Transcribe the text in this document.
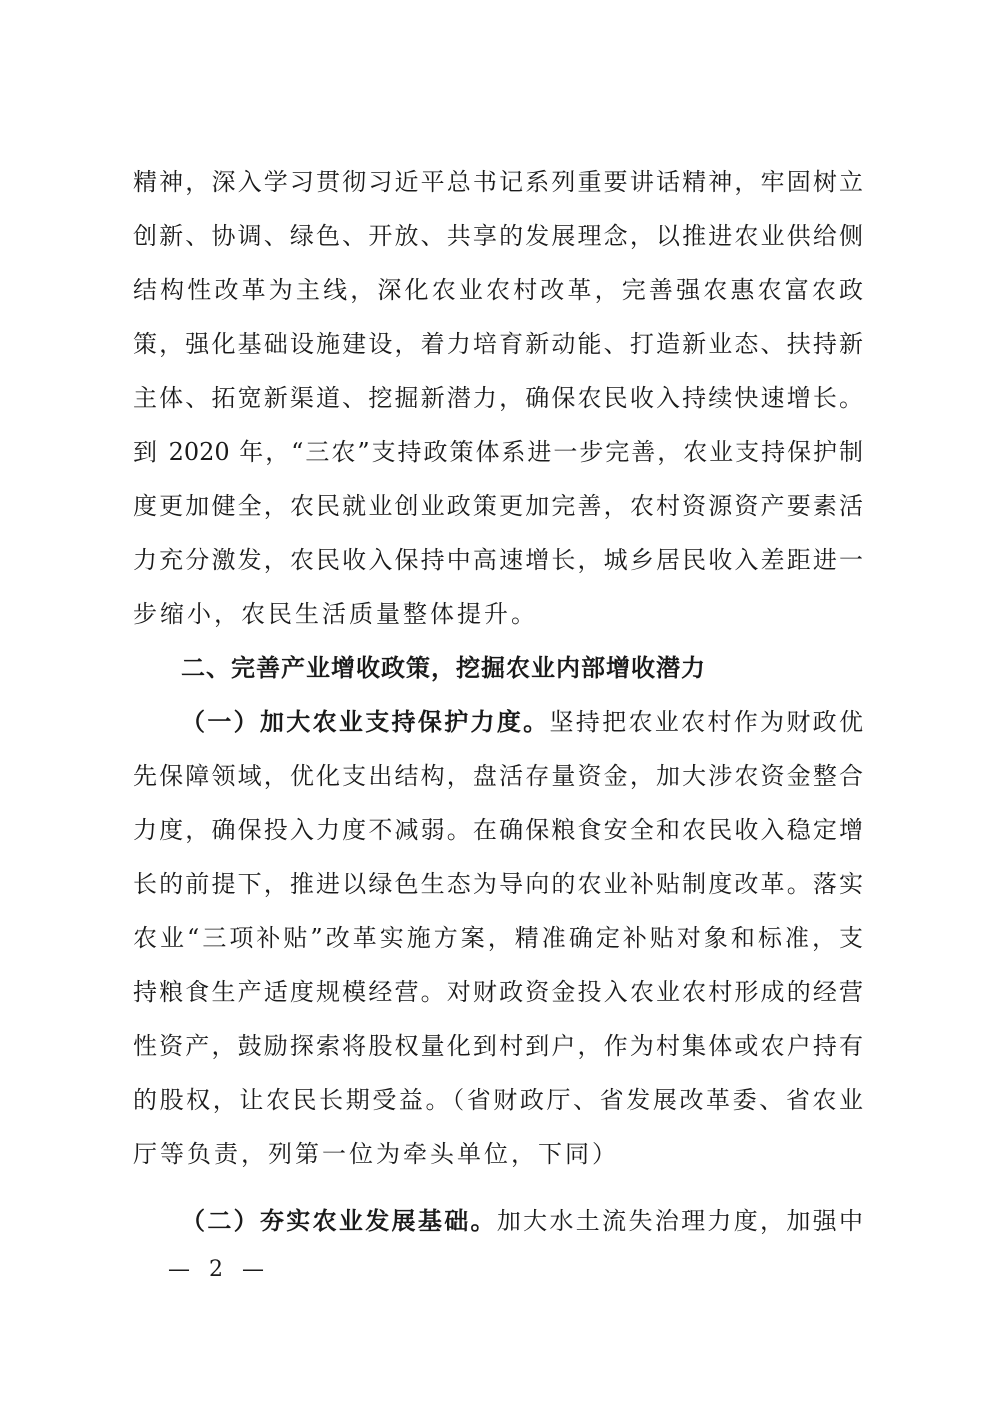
精神，深入学习贯彻习近平总书记系列重要讲话精神，牢固树立
创新、协调、绿色、开放、共享的发展理念，以推进农业供给侧
结构性改革为主线，深化农业农村改革，完善强农惠农富农政
策，强化基础设施建设，着力培育新动能、打造新业态、扶持新
主体、拓宽新渠道、挖掘新潜力，确保农民收入持续快速增长。
到 2020 年，“三农”支持政策体系进一步完善，农业支持保护制
度更加健全，农民就业创业政策更加完善，农村资源资产要素活
力充分激发，农民收入保持中高速增长，城乡居民收入差距进一
步缩小，农民生活质量整体提升。
二、完善产业增收政策，挖掘农业内部增收潜力
（一）加大农业支持保护力度。坚持把农业农村作为财政优
先保障领域，优化支出结构，盘活存量资金，加大涉农资金整合
力度，确保投入力度不减弱。在确保粮食安全和农民收入稳定增
长的前提下，推进以绿色生态为导向的农业补贴制度改革。落实
农业“三项补贴”改革实施方案，精准确定补贴对象和标准，支
持粮食生产适度规模经营。对财政资金投入农业农村形成的经营
性资产，鼓励探索将股权量化到村到户，作为村集体或农户持有
的股权，让农民长期受益。（省财政厅、省发展改革委、省农业
厅等负责，列第一位为牵头单位，下同）
（二）夯实农业发展基础。加大水土流失治理力度，加强中
— 2 —
